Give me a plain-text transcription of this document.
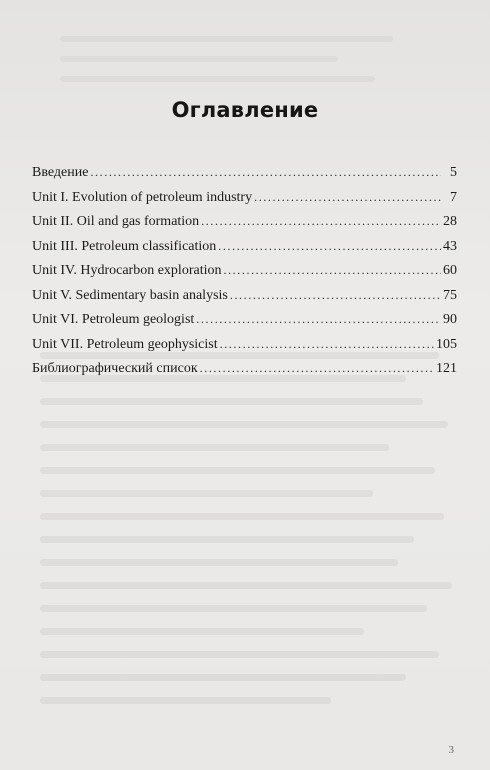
Оглавление
Введение .....	5
Unit I. Evolution of petroleum industry .....	7
Unit II. Oil and gas formation .....	28
Unit III. Petroleum classification .....	43
Unit IV. Hydrocarbon exploration .....	60
Unit V. Sedimentary basin analysis .....	75
Unit VI. Petroleum geologist .....	90
Unit VII. Petroleum geophysicist .....	105
Библиографический список .....	121
3
